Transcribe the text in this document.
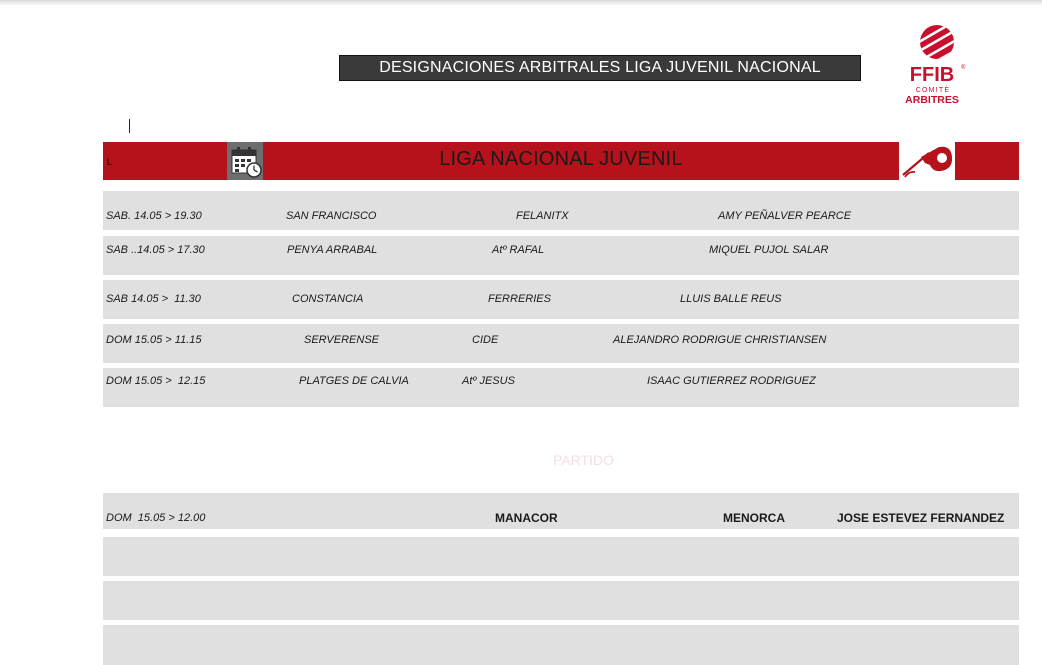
DESIGNACIONES ARBITRALES LIGA JUVENIL NACIONAL	FFIB ®
COMITÈ
ARBITRES
L	LIGA NACIONAL JUVENIL
SAB. 14.05 > 19.30	SAN FRANCISCO	FELANITX	AMY PEÑALVER PEARCE
SAB ..14.05 > 17.30	PENYA ARRABAL	Atº RAFAL	MIQUEL PUJOL SALAR
SAB 14.05 >  11.30	CONSTANCIA	FERRERIES	LLUIS BALLE REUS
DOM 15.05 > 11.15	SERVERENSE	CIDE	ALEJANDRO RODRIGUE CHRISTIANSEN
DOM 15.05 >  12.15	PLATGES DE CALVIA	Atº JESUS	ISAAC GUTIERREZ RODRIGUEZ
PARTIDO
DOM  15.05 > 12.00	MANACOR	MENORCA	JOSE ESTEVEZ FERNANDEZ
